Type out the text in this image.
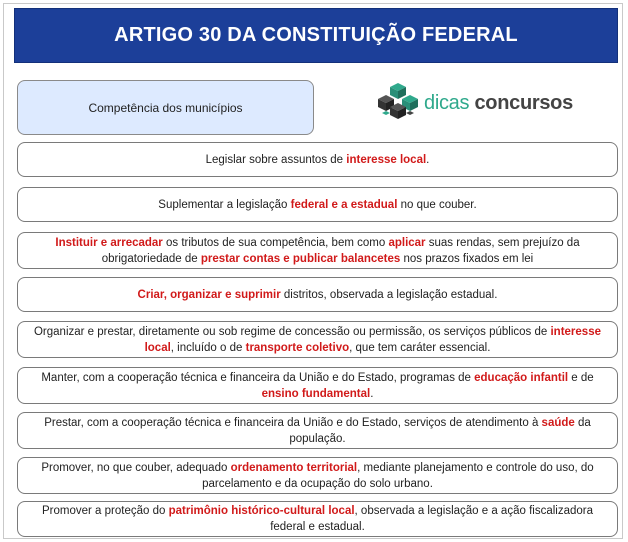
ARTIGO 30 DA CONSTITUIÇÃO FEDERAL
Competência dos municípios	dicas concursos
Legislar sobre assuntos de interesse local.
Suplementar a legislação federal e a estadual no que couber.
Instituir e arrecadar os tributos de sua competência, bem como aplicar suas rendas, sem prejuízo da obrigatoriedade de prestar contas e publicar balancetes nos prazos fixados em lei
Criar, organizar e suprimir distritos, observada a legislação estadual.
Organizar e prestar, diretamente ou sob regime de concessão ou permissão, os serviços públicos de interesse local, incluído o de transporte coletivo, que tem caráter essencial.
Manter, com a cooperação técnica e financeira da União e do Estado, programas de educação infantil e de ensino fundamental.
Prestar, com a cooperação técnica e financeira da União e do Estado, serviços de atendimento à saúde da população.
Promover, no que couber, adequado ordenamento territorial, mediante planejamento e controle do uso, do parcelamento e da ocupação do solo urbano.
Promover a proteção do patrimônio histórico-cultural local, observada a legislação e a ação fiscalizadora federal e estadual.
